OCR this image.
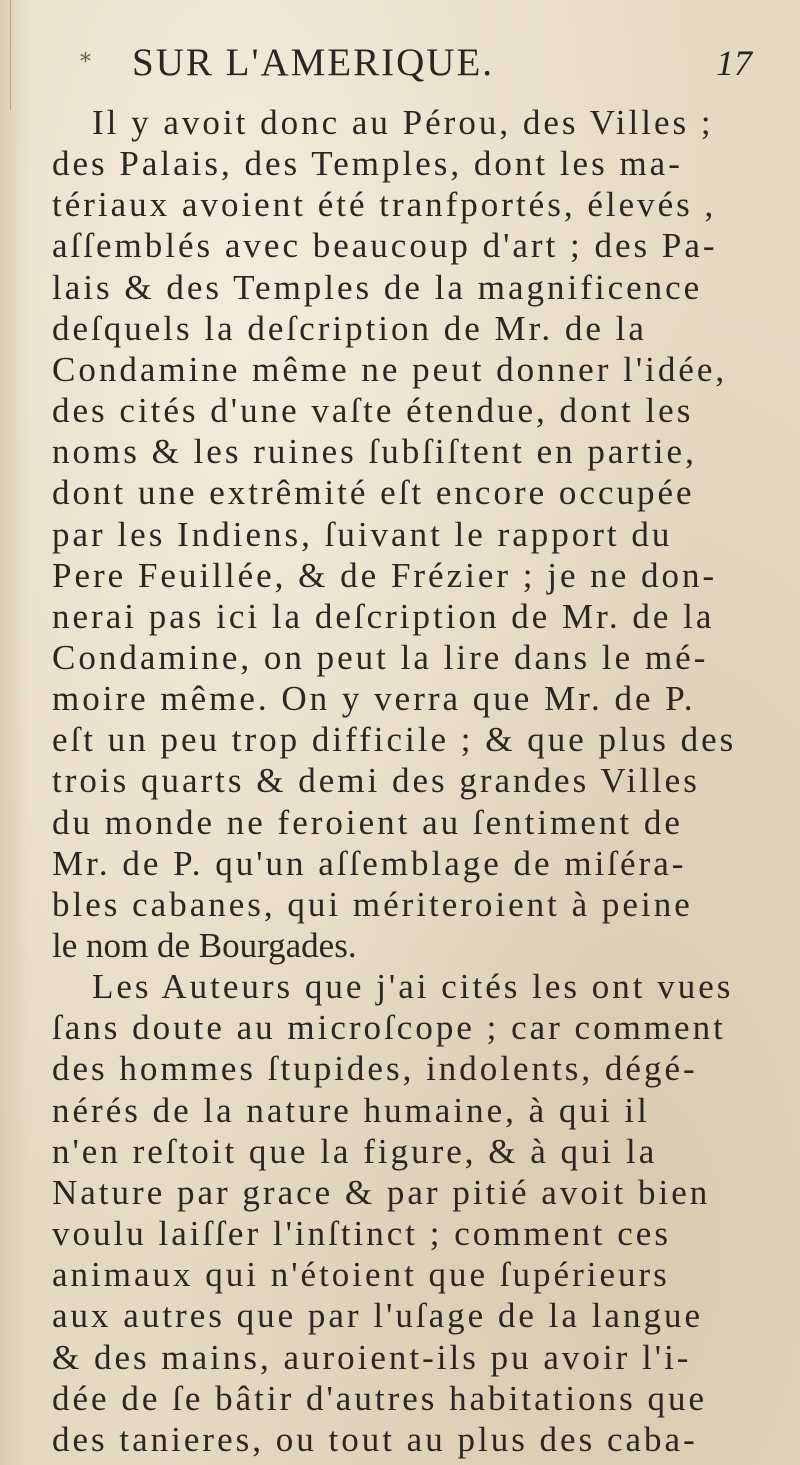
* SUR L'AMERIQUE.	17
Il y avoit donc au Pérou, des Villes ;
des Palais, des Temples, dont les ma-
tériaux avoient été tranfportés, élevés ,
aſſemblés avec beaucoup d'art ; des Pa-
lais & des Temples de la magnificence
deſquels la deſcription de Mr. de la
Condamine même ne peut donner l'idée,
des cités d'une vaſte étendue, dont les
noms & les ruines ſubſiſtent en partie,
dont une extrêmité eſt encore occupée
par les Indiens, ſuivant le rapport du
Pere Feuillée, & de Frézier ; je ne don-
nerai pas ici la deſcription de Mr. de la
Condamine, on peut la lire dans le mé-
moire même. On y verra que Mr. de P.
eſt un peu trop difficile ; & que plus des
trois quarts & demi des grandes Villes
du monde ne feroient au ſentiment de
Mr. de P. qu'un aſſemblage de miſéra-
bles cabanes, qui mériteroient à peine
le nom de Bourgades.
Les Auteurs que j'ai cités les ont vues
ſans doute au microſcope ; car comment
des hommes ſtupides, indolents, dégé-
nérés de la nature humaine, à qui il
n'en reſtoit que la figure, & à qui la
Nature par grace & par pitié avoit bien
voulu laiſſer l'inſtinct ; comment ces
animaux qui n'étoient que ſupérieurs
aux autres que par l'uſage de la langue
& des mains, auroient-ils pu avoir l'i-
dée de ſe bâtir d'autres habitations que
des tanieres, ou tout au plus des caba-
